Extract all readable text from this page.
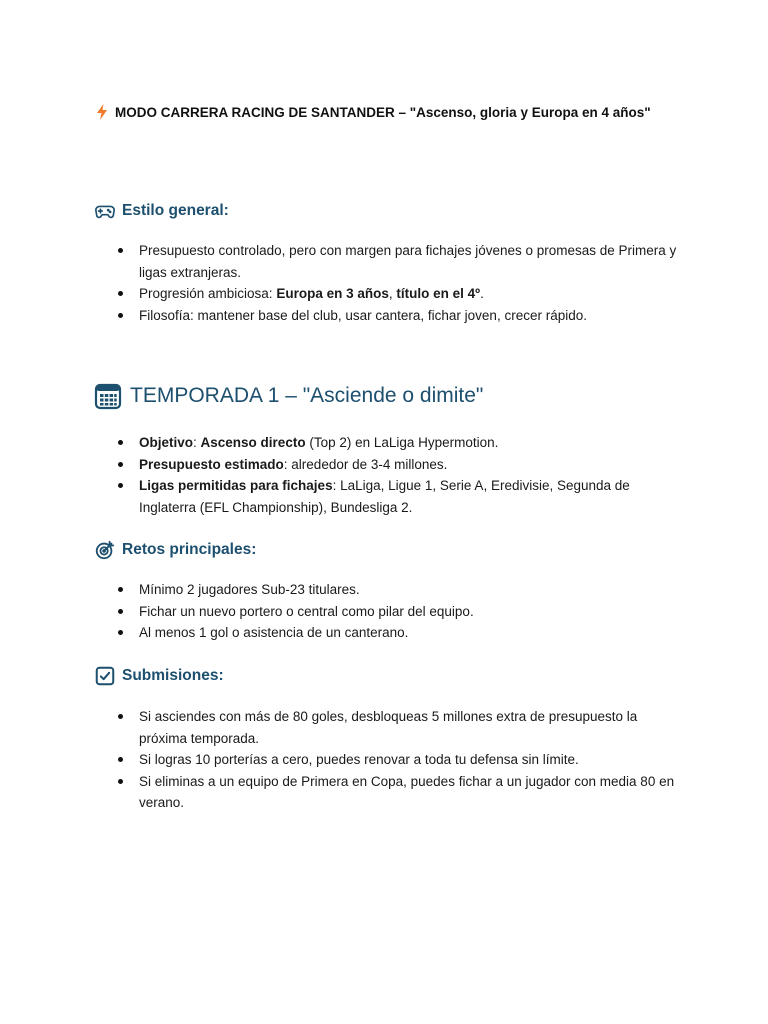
MODO CARRERA RACING DE SANTANDER – "Ascenso, gloria y Europa en 4 años"
Estilo general:
Presupuesto controlado, pero con margen para fichajes jóvenes o promesas de Primera y ligas extranjeras.
Progresión ambiciosa: Europa en 3 años, título en el 4º.
Filosofía: mantener base del club, usar cantera, fichar joven, crecer rápido.
TEMPORADA 1 – "Asciende o dimite"
Objetivo: Ascenso directo (Top 2) en LaLiga Hypermotion.
Presupuesto estimado: alrededor de 3-4 millones.
Ligas permitidas para fichajes: LaLiga, Ligue 1, Serie A, Eredivisie, Segunda de Inglaterra (EFL Championship), Bundesliga 2.
Retos principales:
Mínimo 2 jugadores Sub-23 titulares.
Fichar un nuevo portero o central como pilar del equipo.
Al menos 1 gol o asistencia de un canterano.
Submisiones:
Si asciendes con más de 80 goles, desbloqueas 5 millones extra de presupuesto la próxima temporada.
Si logras 10 porterías a cero, puedes renovar a toda tu defensa sin límite.
Si eliminas a un equipo de Primera en Copa, puedes fichar a un jugador con media 80 en verano.
